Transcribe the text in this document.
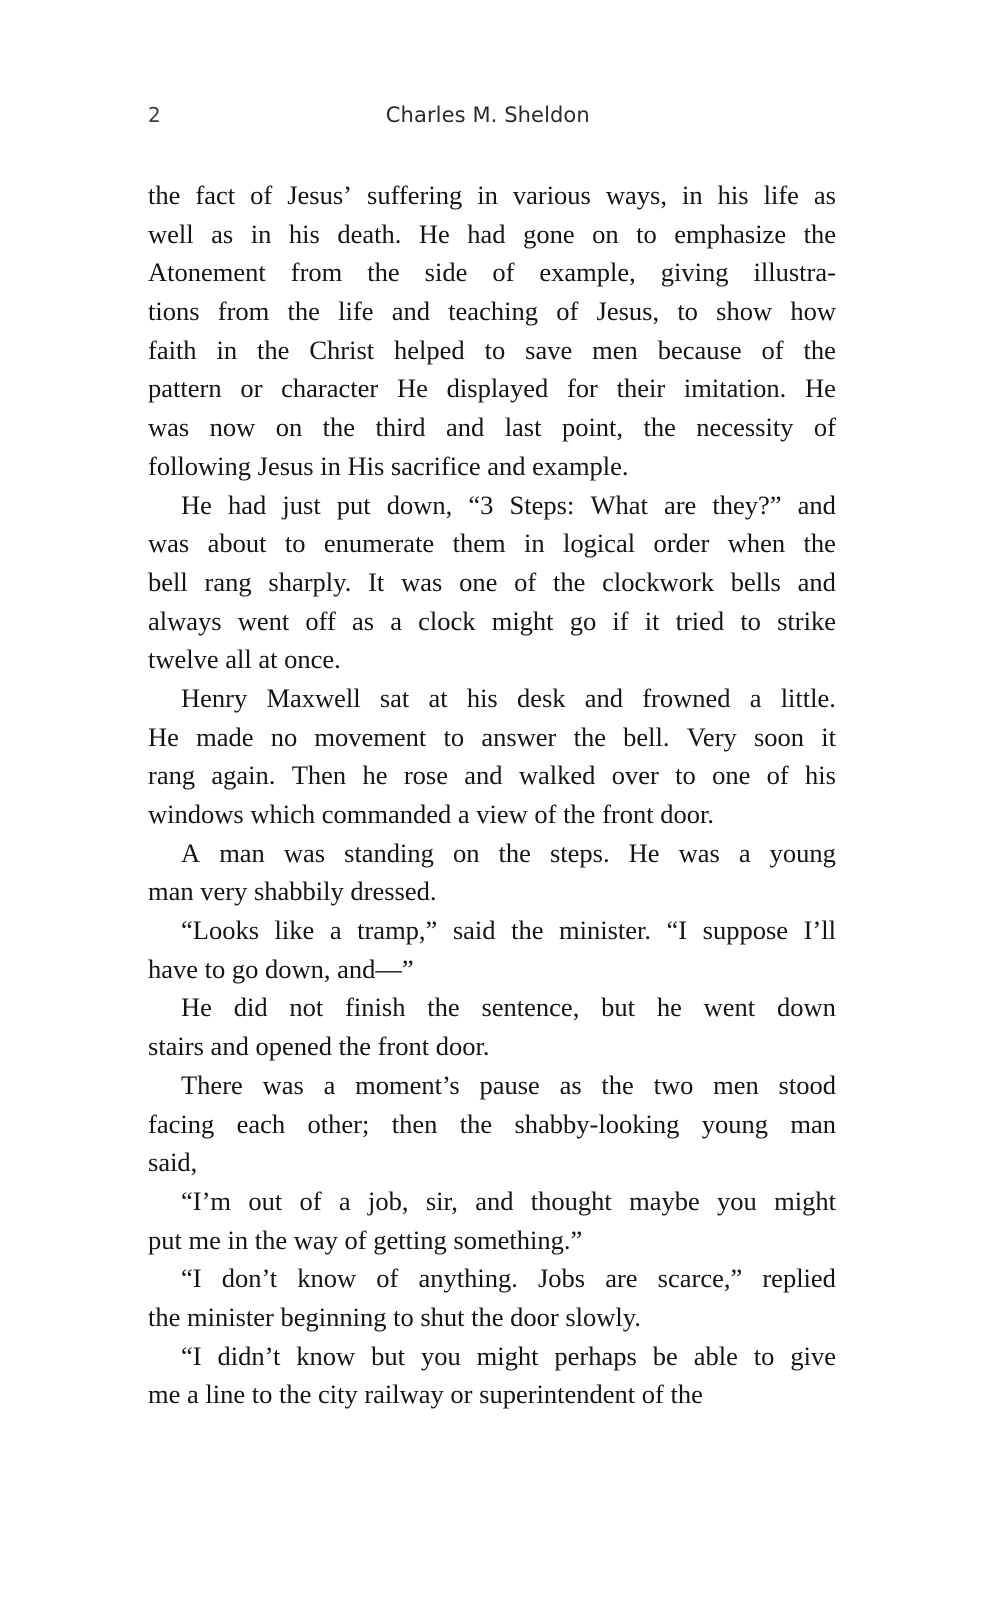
2	Charles M. Sheldon

the fact of Jesus’ suffering in various ways, in his life as
well as in his death. He had gone on to emphasize the
Atonement from the side of example, giving illustra-
tions from the life and teaching of Jesus, to show how
faith in the Christ helped to save men because of the
pattern or character He displayed for their imitation. He
was now on the third and last point, the necessity of
following Jesus in His sacrifice and example.

He had just put down, “3 Steps: What are they?” and
was about to enumerate them in logical order when the
bell rang sharply. It was one of the clockwork bells and
always went off as a clock might go if it tried to strike
twelve all at once.

Henry Maxwell sat at his desk and frowned a little.
He made no movement to answer the bell. Very soon it
rang again. Then he rose and walked over to one of his
windows which commanded a view of the front door.

A man was standing on the steps. He was a young
man very shabbily dressed.

“Looks like a tramp,” said the minister. “I suppose I’ll
have to go down, and—”

He did not finish the sentence, but he went down
stairs and opened the front door.

There was a moment’s pause as the two men stood
facing each other; then the shabby-looking young man
said,

“I’m out of a job, sir, and thought maybe you might
put me in the way of getting something.”

“I don’t know of anything. Jobs are scarce,” replied
the minister beginning to shut the door slowly.

“I didn’t know but you might perhaps be able to give
me a line to the city railway or superintendent of the
